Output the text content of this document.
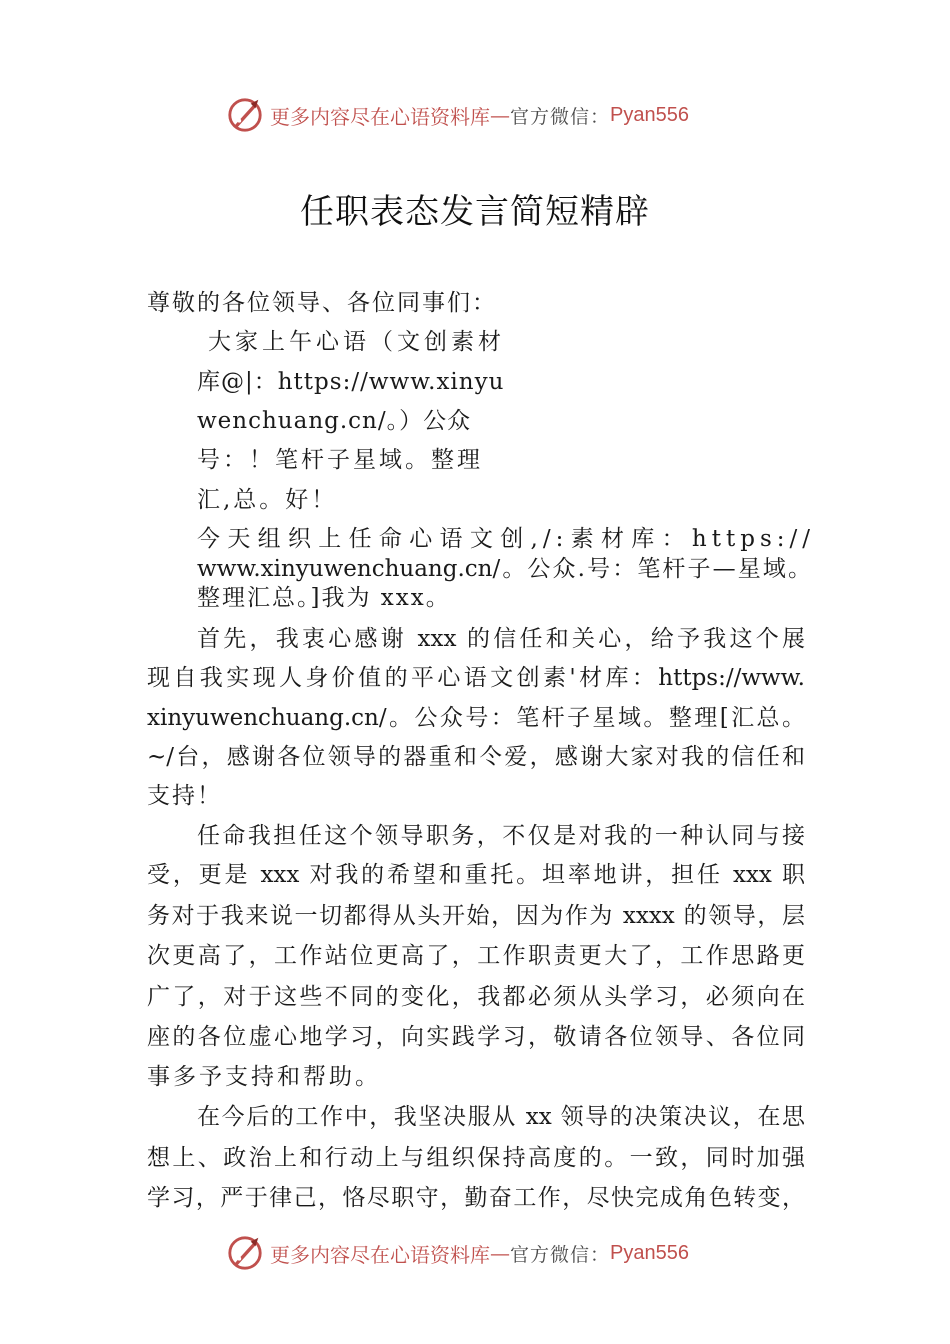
更多内容尽在心语资料库 — 官方微信： Pyan556
任职表态发言简短精辟
尊敬的各位领导、各位同事们：
大家上午心语（文创素材
库@|：https://www.xinyu
wenchuang.cn/。）公众
号：！笔杆子星域。整理
汇,总。好！
今天组织上任命心语文创,/:素材库：https://
www.xinyuwenchuang.cn/。公众.号：笔杆子—星域。
整理汇总。]我为 xxx。
首先，我衷心感谢 xxx 的信任和关心，给予我这个展
现自我实现人身价值的平心语文创素'材库：https://www.
xinyuwenchuang.cn/。公众号：笔杆子星域。整理[汇总。
~/台，感谢各位领导的器重和仒爱，感谢大家对我的信任和
支持！
任命我担任这个领导职务，不仅是对我的一种认同与接
受，更是 xxx 对我的希望和重托。坦率地讲，担任 xxx 职
务对于我来说一切都得从头开始，因为作为 xxxx 的领导，层
次更高了，工作站位更高了，工作职责更大了，工作思路更
广了，对于这些不同的变化，我都必须从头学习，必须向在
座的各位虚心地学习，向实践学习，敬请各位领导、各位同
事多予支持和帮助。
在今后的工作中，我坚决服从 xx 领导的决策决议，在思
想上、政治上和行动上与组织保持高度的。一致，同时加强
学习，严于律己，恪尽职守，勤奋工作，尽快完成角色转变，
更多内容尽在心语资料库 — 官方微信： Pyan556
